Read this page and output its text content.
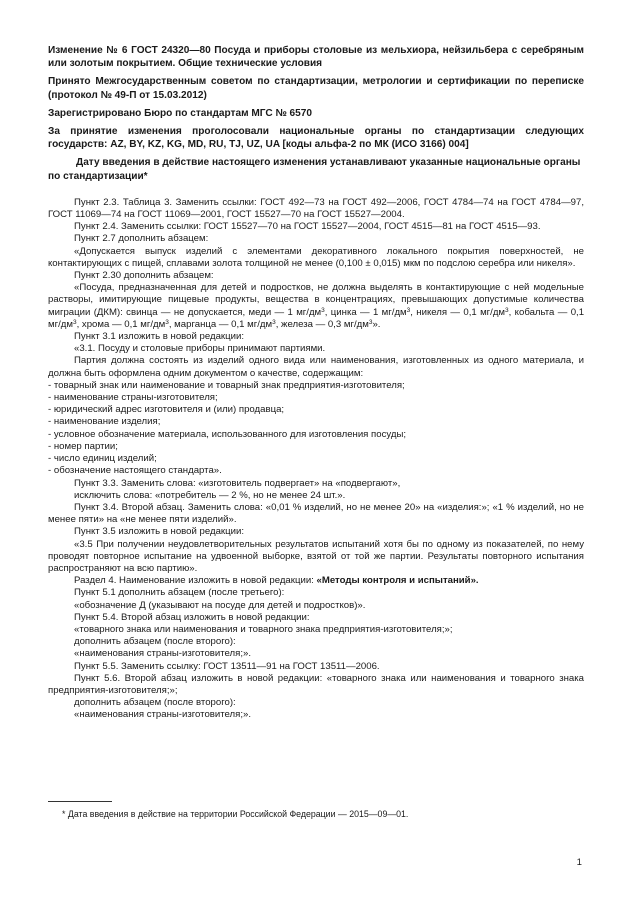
Изменение № 6 ГОСТ 24320—80 Посуда и приборы столовые из мельхиора, нейзильбера с серебряным или золотым покрытием. Общие технические условия

Принято Межгосударственным советом по стандартизации, метрологии и сертификации по переписке (протокол № 49-П от 15.03.2012)

Зарегистрировано Бюро по стандартам МГС № 6570

За принятие изменения проголосовали национальные органы по стандартизации следующих государств: AZ, BY, KZ, KG, MD, RU, TJ, UZ, UA [коды альфа-2 по МК (ИСО 3166) 004]

Дату введения в действие настоящего изменения устанавливают указанные национальные органы по стандартизации*

Пункт 2.3. Таблица 3. Заменить ссылки: ГОСТ 492—73 на ГОСТ 492—2006, ГОСТ 4784—74 на ГОСТ 4784—97, ГОСТ 11069—74 на ГОСТ 11069—2001, ГОСТ 15527—70 на ГОСТ 15527—2004.

Пункт 2.4. Заменить ссылки: ГОСТ 15527—70 на ГОСТ 15527—2004, ГОСТ 4515—81 на ГОСТ 4515—93.

Пункт 2.7 дополнить абзацем:

«Допускается выпуск изделий с элементами декоративного локального покрытия поверхностей, не контактирующих с пищей, сплавами золота толщиной не менее (0,100 ± 0,015) мкм по подслою серебра или никеля».

Пункт 2.30 дополнить абзацем:

«Посуда, предназначенная для детей и подростков, не должна выделять в контактирующие с ней модельные растворы, имитирующие пищевые продукты, вещества в концентрациях, превышающих допустимые количества миграции (ДКМ): свинца — не допускается, меди — 1 $мг/дм^3$, цинка — 1 $мг/дм^3$, никеля — 0,1 $мг/дм^3$, кобальта — 0,1 $мг/дм^3$, хрома — 0,1 $мг/дм^3$, марганца — 0,1 $мг/дм^3$, железа — 0,3 $мг/дм^3$».

Пункт 3.1 изложить в новой редакции:

«3.1. Посуду и столовые приборы принимают партиями.

Партия должна состоять из изделий одного вида или наименования, изготовленных из одного материала, и должна быть оформлена одним документом о качестве, содержащим:

- товарный знак или наименование и товарный знак предприятия-изготовителя;

- наименование страны-изготовителя;

- юридический адрес изготовителя и (или) продавца;

- наименование изделия;

- условное обозначение материала, использованного для изготовления посуды;

- номер партии;

- число единиц изделий;

- обозначение настоящего стандарта».

Пункт 3.3. Заменить слова: «изготовитель подвергает» на «подвергают»,

исключить слова: «потребитель — 2 %, но не менее 24 шт.».

Пункт 3.4. Второй абзац. Заменить слова: «0,01 % изделий, но не менее 20» на «изделия:»; «1 % изделий, но не менее пяти» на «не менее пяти изделий».

Пункт 3.5 изложить в новой редакции:

«3.5 При получении неудовлетворительных результатов испытаний хотя бы по одному из показателей, по нему проводят повторное испытание на удвоенной выборке, взятой от той же партии. Результаты повторного испытания распространяют на всю партию».

Раздел 4. Наименование изложить в новой редакции: «Методы контроля и испытаний».

Пункт 5.1 дополнить абзацем (после третьего):

«обозначение Д (указывают на посуде для детей и подростков)».

Пункт 5.4. Второй абзац изложить в новой редакции:

«товарного знака или наименования и товарного знака предприятия-изготовителя;»;

дополнить абзацем (после второго):

«наименования страны-изготовителя;».

Пункт 5.5. Заменить ссылку: ГОСТ 13511—91 на ГОСТ 13511—2006.

Пункт 5.6. Второй абзац изложить в новой редакции: «товарного знака или наименования и товарного знака предприятия-изготовителя;»;

дополнить абзацем (после второго):

«наименования страны-изготовителя;».

* Дата введения в действие на территории Российской Федерации — 2015—09—01.

1
